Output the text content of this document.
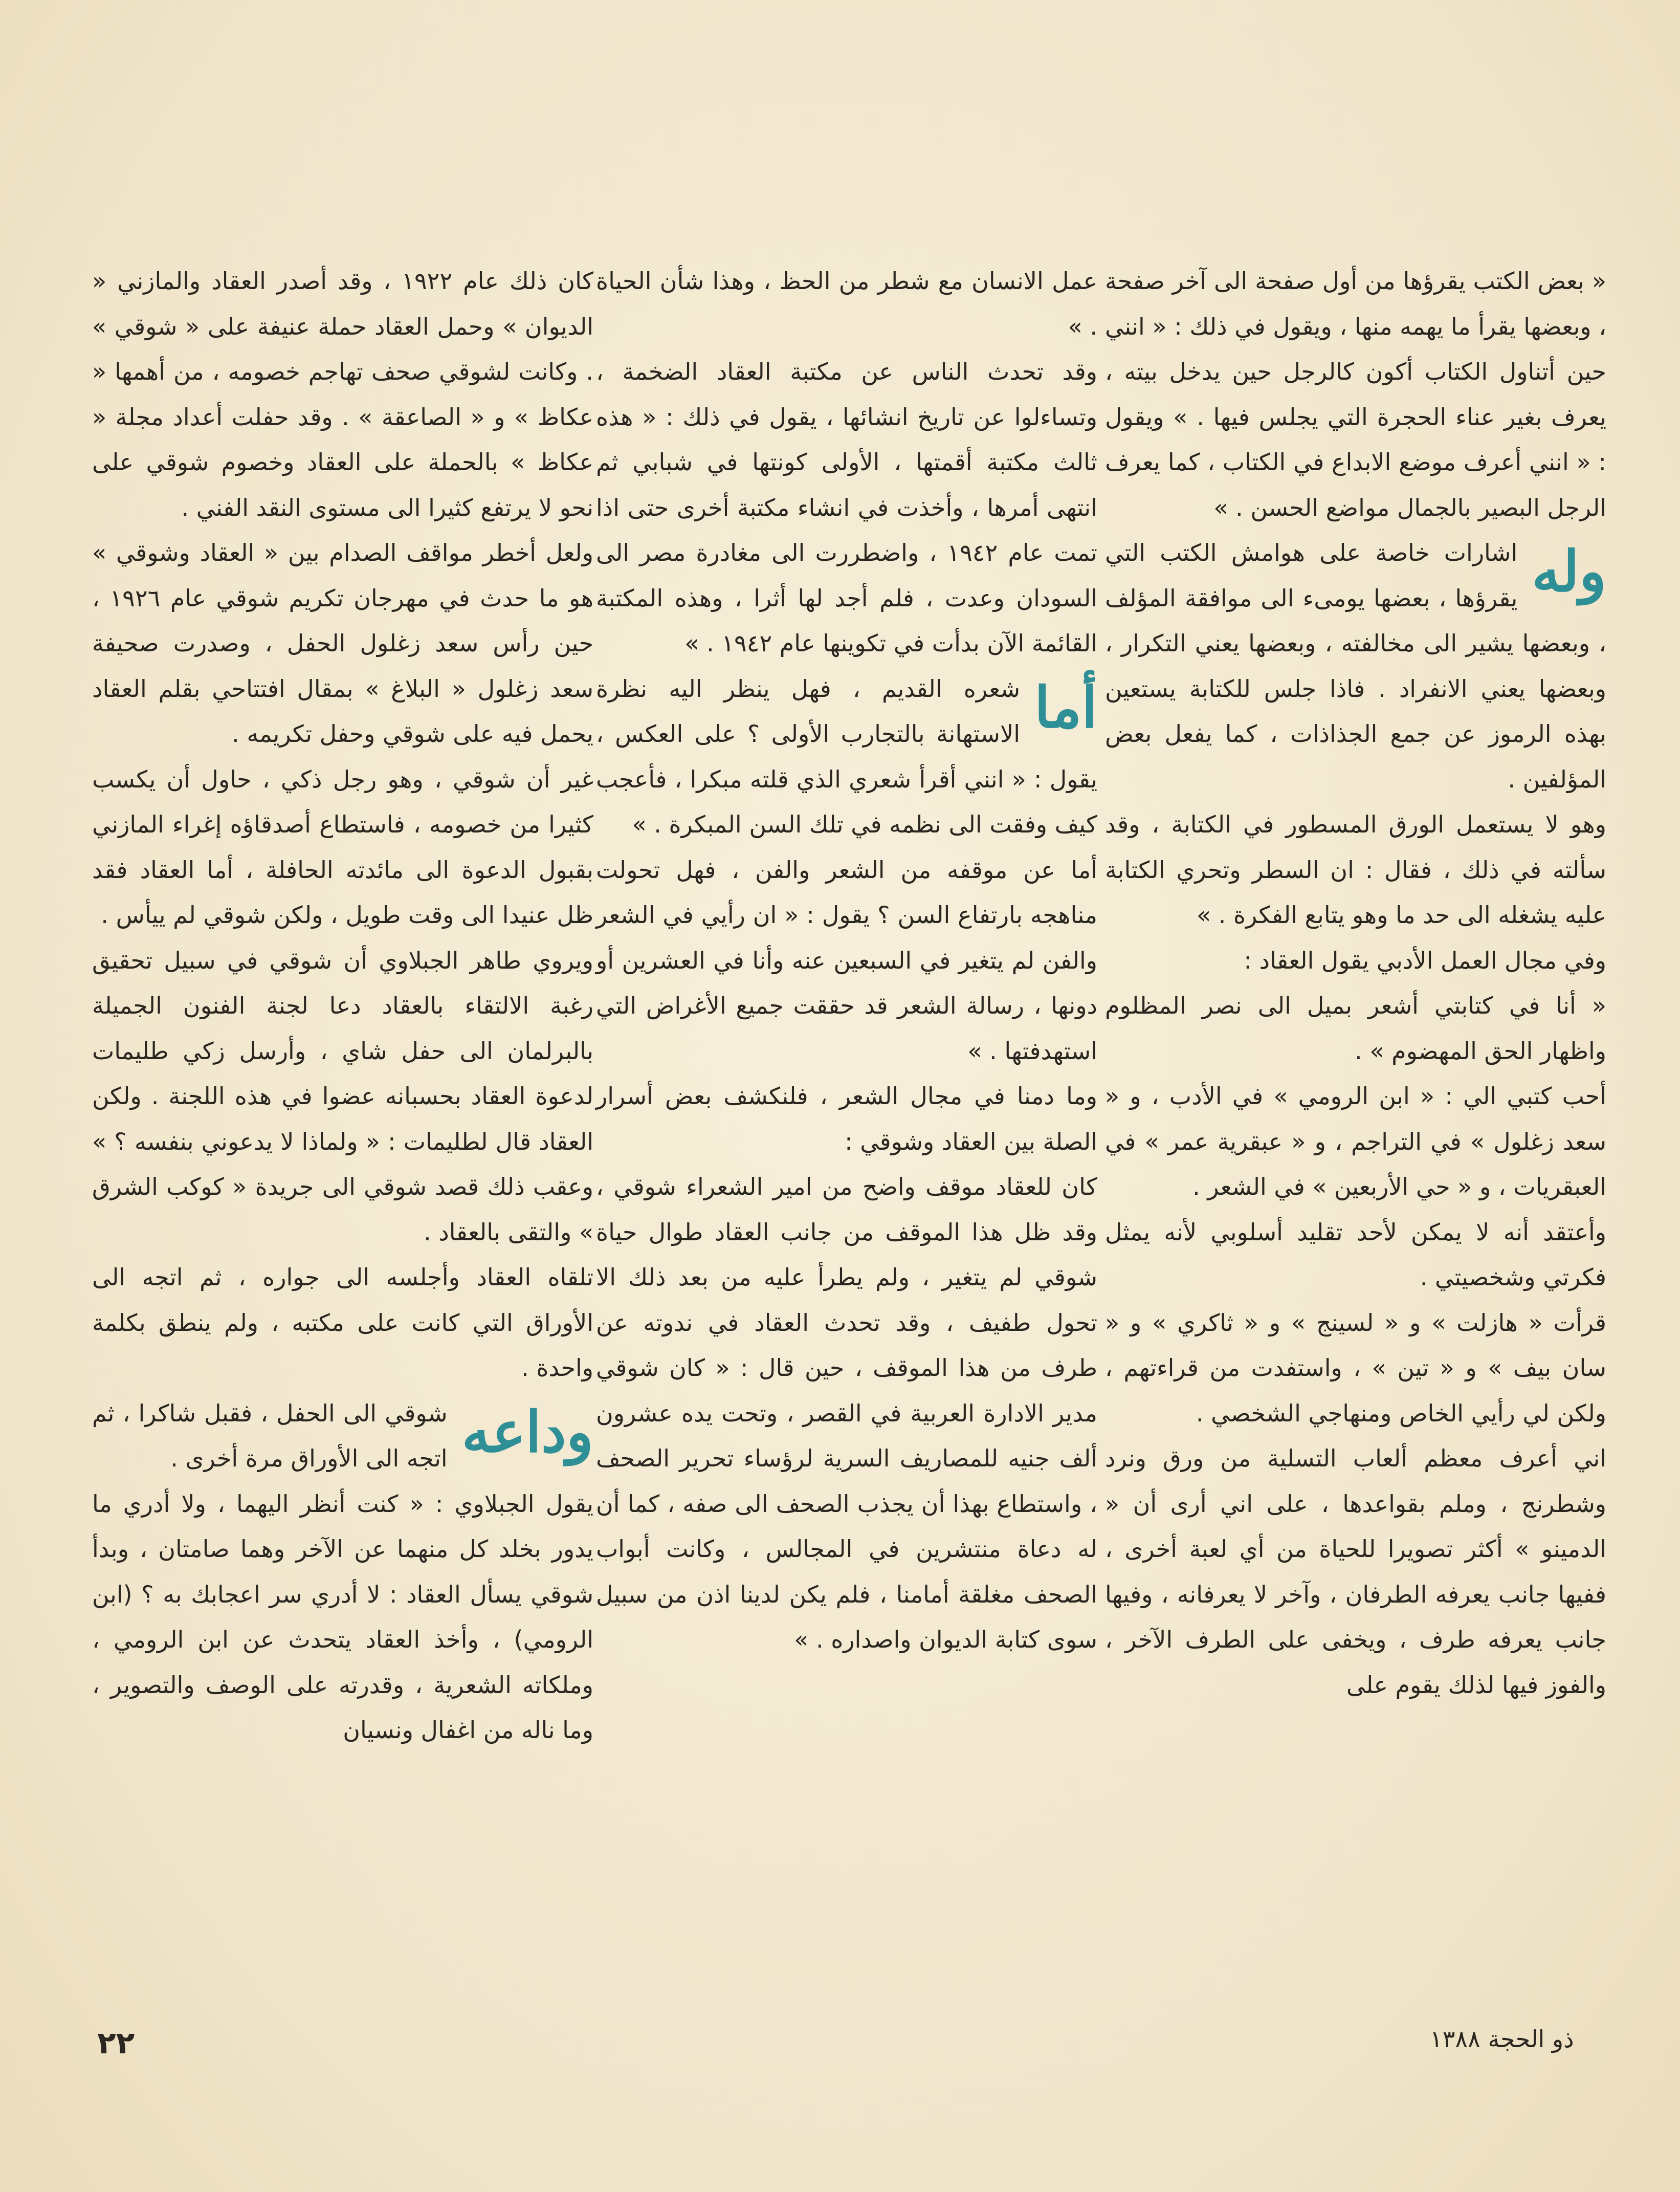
« بعض الكتب يقرؤها من أول صفحة الى آخر صفحة ، وبعضها يقرأ ما يهمه منها ، ويقول في ذلك : « انني حين أتناول الكتاب أكون كالرجل حين يدخل بيته ، يعرف بغير عناء الحجرة التي يجلس فيها . » ويقول : « انني أعرف موضع الابداع في الكتاب ، كما يعرف الرجل البصير بالجمال مواضع الحسن . »

وله
اشارات خاصة على هوامش الكتب التي يقرؤها ، بعضها يومىء الى موافقة المؤلف ، وبعضها يشير الى مخالفته ، وبعضها يعني التكرار ، وبعضها يعني الانفراد . فاذا جلس للكتابة يستعين بهذه الرموز عن جمع الجذاذات ، كما يفعل بعض المؤلفين .

وهو لا يستعمل الورق المسطور في الكتابة ، وقد سألته في ذلك ، فقال : ان السطر وتحري الكتابة عليه يشغله الى حد ما وهو يتابع الفكرة . »

وفي مجال العمل الأدبي يقول العقاد :

« أنا في كتابتي أشعر بميل الى نصر المظلوم واظهار الحق المهضوم » .

أحب كتبي الي : « ابن الرومي » في الأدب ، و « سعد زغلول » في التراجم ، و « عبقرية عمر » في العبقريات ، و « حي الأربعين » في الشعر .

وأعتقد أنه لا يمكن لأحد تقليد أسلوبي لأنه يمثل فكرتي وشخصيتي .

قرأت « هازلت » و « لسينج » و « ثاكري » و « سان بيف » و « تين » ، واستفدت من قراءتهم ، ولكن لي رأيي الخاص ومنهاجي الشخصي .

اني أعرف معظم ألعاب التسلية من ورق ونرد وشطرنج ، وملم بقواعدها ، على اني أرى أن « الدمينو » أكثر تصويرا للحياة من أي لعبة أخرى ، ففيها جانب يعرفه الطرفان ، وآخر لا يعرفانه ، وفيها جانب يعرفه طرف ، ويخفى على الطرف الآخر ، والفوز فيها لذلك يقوم على

عمل الانسان مع شطر من الحظ ، وهذا شأن الحياة . »

وقد تحدث الناس عن مكتبة العقاد الضخمة ، وتساءلوا عن تاريخ انشائها ، يقول في ذلك : « هذه ثالث مكتبة أقمتها ، الأولى كونتها في شبابي ثم انتهى أمرها ، وأخذت في انشاء مكتبة أخرى حتى اذا تمت عام ١٩٤٢ ، واضطررت الى مغادرة مصر الى السودان وعدت ، فلم أجد لها أثرا ، وهذه المكتبة القائمة الآن بدأت في تكوينها عام ١٩٤٢ . »

أما
شعره القديم ، فهل ينظر اليه نظرة الاستهانة بالتجارب الأولى ؟ على العكس ، يقول : « انني أقرأ شعري الذي قلته مبكرا ، فأعجب كيف وفقت الى نظمه في تلك السن المبكرة . »

أما عن موقفه من الشعر والفن ، فهل تحولت مناهجه بارتفاع السن ؟ يقول : « ان رأيي في الشعر والفن لم يتغير في السبعين عنه وأنا في العشرين أو دونها ، رسالة الشعر قد حققت جميع الأغراض التي استهدفتها . »

وما دمنا في مجال الشعر ، فلنكشف بعض أسرار الصلة بين العقاد وشوقي :

كان للعقاد موقف واضح من امير الشعراء شوقي ، وقد ظل هذا الموقف من جانب العقاد طوال حياة شوقي لم يتغير ، ولم يطرأ عليه من بعد ذلك الا تحول طفيف ، وقد تحدث العقاد في ندوته عن طرف من هذا الموقف ، حين قال : « كان شوقي مدير الادارة العربية في القصر ، وتحت يده عشرون ألف جنيه للمصاريف السرية لرؤساء تحرير الصحف ، واستطاع بهذا أن يجذب الصحف الى صفه ، كما أن له دعاة منتشرين في المجالس ، وكانت أبواب الصحف مغلقة أمامنا ، فلم يكن لدينا اذن من سبيل سوى كتابة الديوان واصداره . »

كان ذلك عام ١٩٢٢ ، وقد أصدر العقاد والمازني « الديوان » وحمل العقاد حملة عنيفة على « شوقي » . وكانت لشوقي صحف تهاجم خصومه ، من أهمها « عكاظ » و « الصاعقة » . وقد حفلت أعداد مجلة « عكاظ » بالحملة على العقاد وخصوم شوقي على نحو لا يرتفع كثيرا الى مستوى النقد الفني .

ولعل أخطر مواقف الصدام بين « العقاد وشوقي » هو ما حدث في مهرجان تكريم شوقي عام ١٩٢٦ ، حين رأس سعد زغلول الحفل ، وصدرت صحيفة سعد زغلول « البلاغ » بمقال افتتاحي بقلم العقاد يحمل فيه على شوقي وحفل تكريمه .

غير أن شوقي ، وهو رجل ذكي ، حاول أن يكسب كثيرا من خصومه ، فاستطاع أصدقاؤه إغراء المازني بقبول الدعوة الى مائدته الحافلة ، أما العقاد فقد ظل عنيدا الى وقت طويل ، ولكن شوقي لم ييأس .

ويروي طاهر الجبلاوي أن شوقي في سبيل تحقيق رغبة الالتقاء بالعقاد دعا لجنة الفنون الجميلة بالبرلمان الى حفل شاي ، وأرسل زكي طليمات لدعوة العقاد بحسبانه عضوا في هذه اللجنة . ولكن العقاد قال لطليمات : « ولماذا لا يدعوني بنفسه ؟ » وعقب ذلك قصد شوقي الى جريدة « كوكب الشرق » والتقى بالعقاد .

تلقاه العقاد وأجلسه الى جواره ، ثم اتجه الى الأوراق التي كانت على مكتبه ، ولم ينطق بكلمة واحدة .

وداعه
شوقي الى الحفل ، فقبل شاكرا ، ثم اتجه الى الأوراق مرة أخرى .

يقول الجبلاوي : « كنت أنظر اليهما ، ولا أدري ما يدور بخلد كل منهما عن الآخر وهما صامتان ، وبدأ شوقي يسأل العقاد : لا أدري سر اعجابك به ؟ (ابن الرومي) ، وأخذ العقاد يتحدث عن ابن الرومي ، وملكاته الشعرية ، وقدرته على الوصف والتصوير ، وما ناله من اغفال ونسيان

٢٢	ذو الحجة ١٣٨٨
